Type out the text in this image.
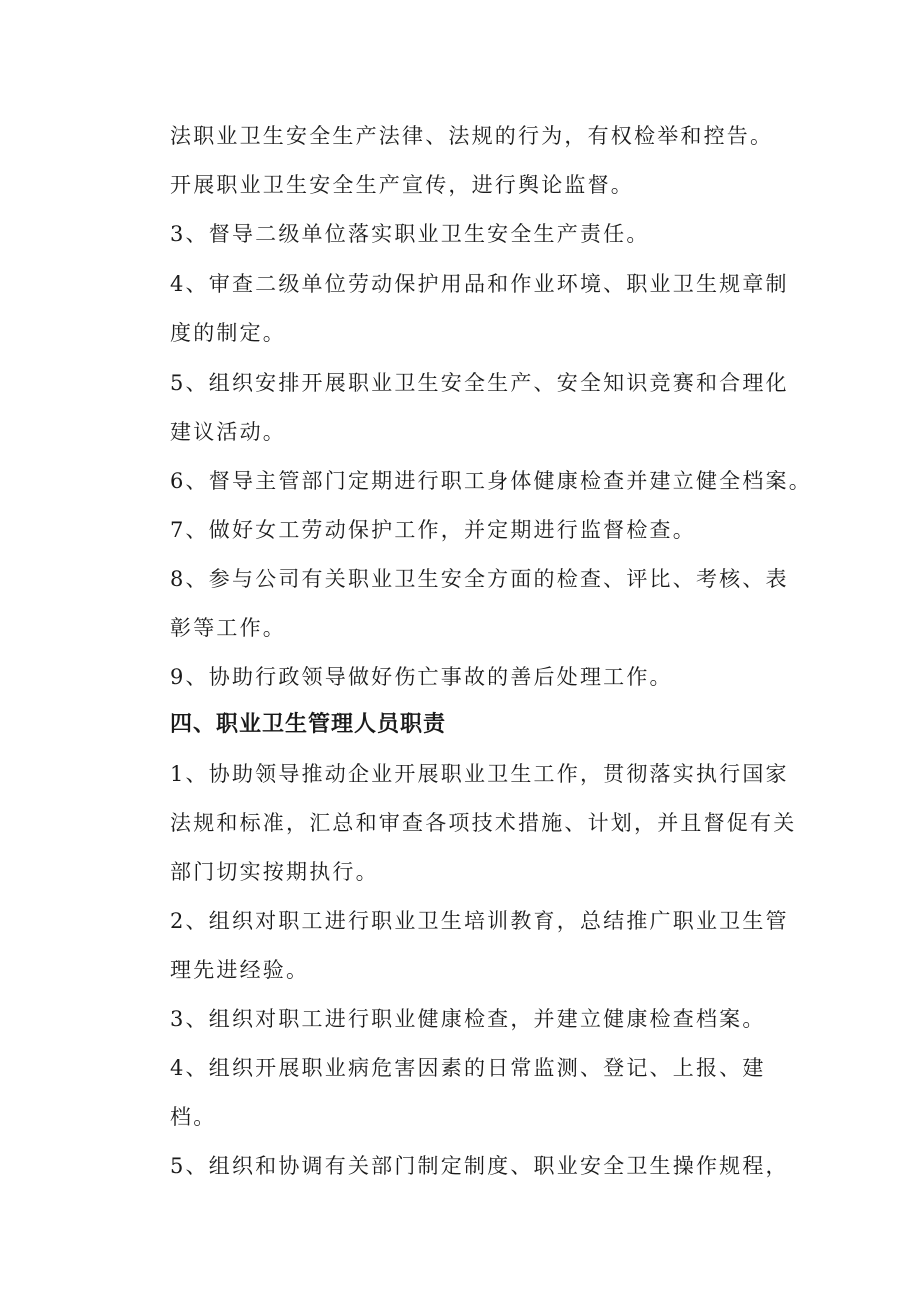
法职业卫生安全生产法律、法规的行为，有权检举和控告。
开展职业卫生安全生产宣传，进行舆论监督。
3、督导二级单位落实职业卫生安全生产责任。
4、审查二级单位劳动保护用品和作业环境、职业卫生规章制
度的制定。
5、组织安排开展职业卫生安全生产、安全知识竞赛和合理化
建议活动。
6、督导主管部门定期进行职工身体健康检查并建立健全档案。
7、做好女工劳动保护工作，并定期进行监督检查。
8、参与公司有关职业卫生安全方面的检查、评比、考核、表
彰等工作。
9、协助行政领导做好伤亡事故的善后处理工作。
四、职业卫生管理人员职责
1、协助领导推动企业开展职业卫生工作，贯彻落实执行国家
法规和标准，汇总和审查各项技术措施、计划，并且督促有关
部门切实按期执行。
2、组织对职工进行职业卫生培训教育，总结推广职业卫生管
理先进经验。
3、组织对职工进行职业健康检查，并建立健康检查档案。
4、组织开展职业病危害因素的日常监测、登记、上报、建
档。
5、组织和协调有关部门制定制度、职业安全卫生操作规程，
